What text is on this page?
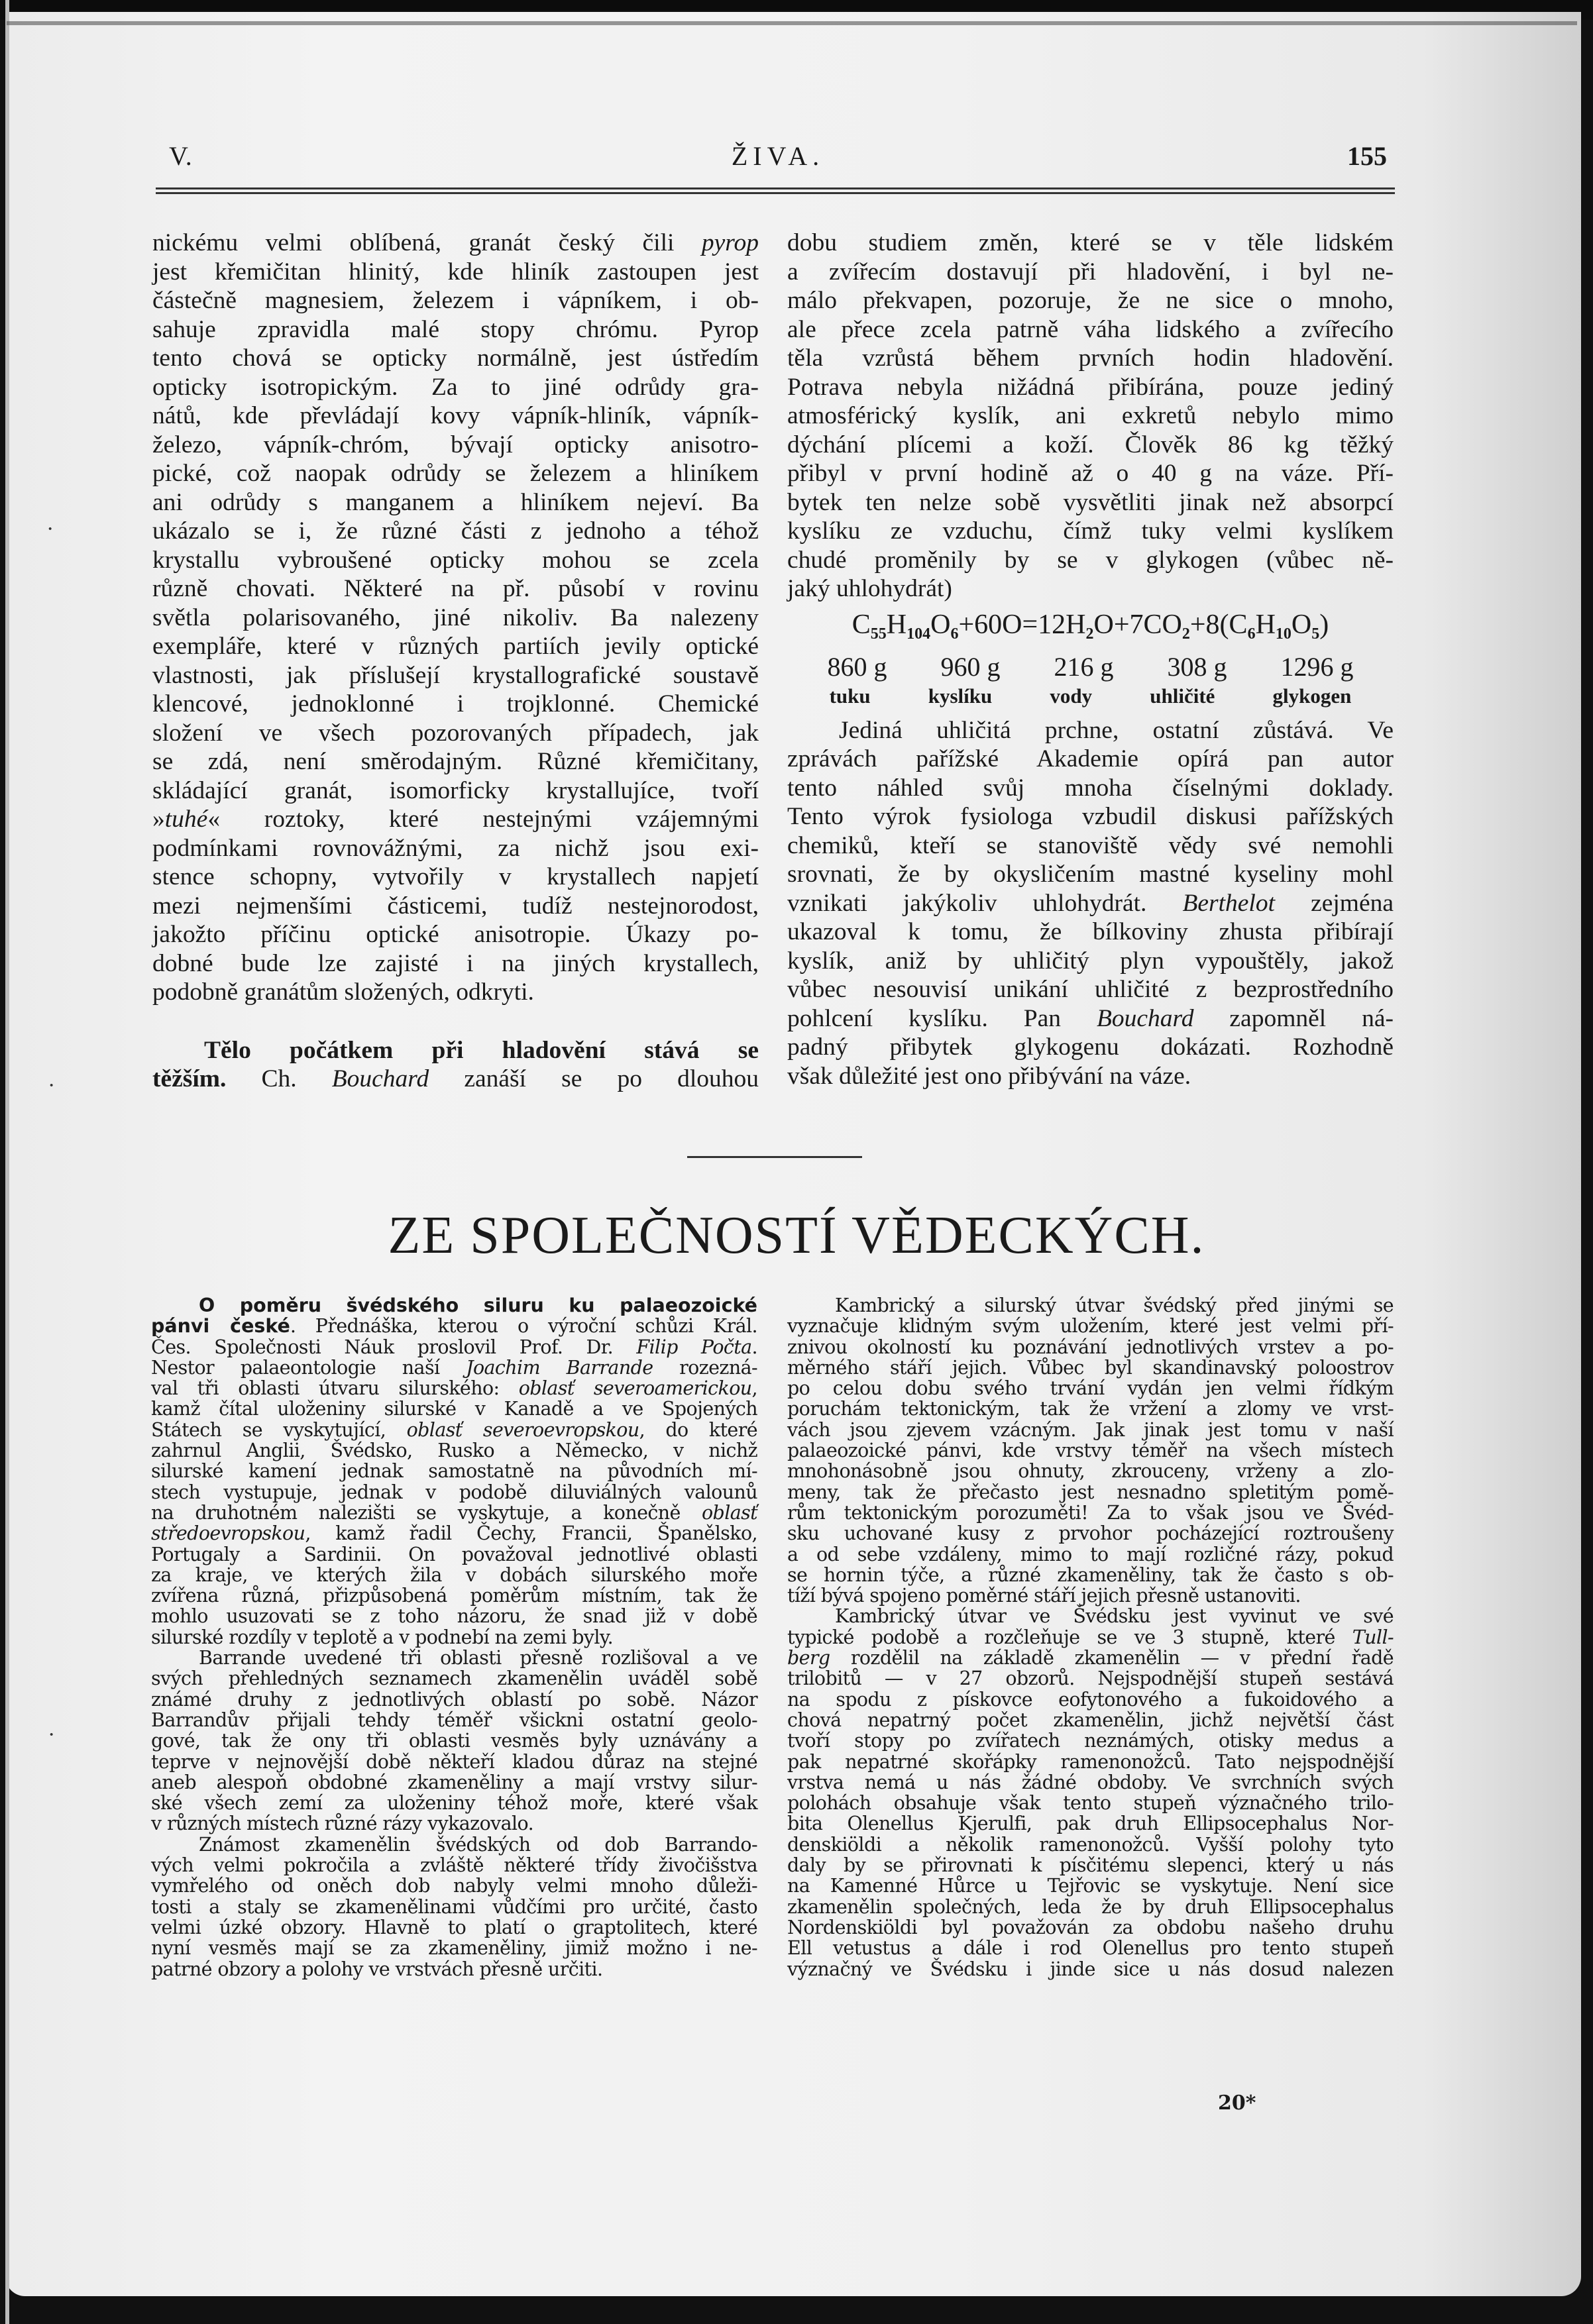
V.	ŽIVA.	155
nickému velmi oblíbená, granát český čili pyrop
jest křemičitan hlinitý, kde hliník zastoupen jest
částečně magnesiem, železem i vápníkem, i ob-
sahuje zpravidla malé stopy chrómu. Pyrop
tento chová se opticky normálně, jest ústředím
opticky isotropickým. Za to jiné odrůdy gra-
nátů, kde převládají kovy vápník-hliník, vápník-
železo, vápník-chróm, bývají opticky anisotro-
pické, což naopak odrůdy se železem a hliníkem
ani odrůdy s manganem a hliníkem nejeví. Ba
ukázalo se i, že různé části z jednoho a téhož
krystallu vybroušené opticky mohou se zcela
různě chovati. Některé na př. působí v rovinu
světla polarisovaného, jiné nikoliv. Ba nalezeny
exempláře, které v různých partiích jevily optické
vlastnosti, jak příslušejí krystallografické soustavě
klencové, jednoklonné i trojklonné. Chemické
složení ve všech pozorovaných případech, jak
se zdá, není směrodajným. Různé křemičitany,
skládající granát, isomorficky krystallujíce, tvoří
»tuhé« roztoky, které nestejnými vzájemnými
podmínkami rovnovážnými, za nichž jsou exi-
stence schopny, vytvořily v krystallech napjetí
mezi nejmenšími částicemi, tudíž nestejnorodost,
jakožto příčinu optické anisotropie. Úkazy po-
dobné bude lze zajisté i na jiných krystallech,
podobně granátům složených, odkryti.
Tělo počátkem při hladovění stává se
těžším. Ch. Bouchard zanáší se po dlouhou
dobu studiem změn, které se v těle lidském
a zvířecím dostavují při hladovění, i byl ne-
málo překvapen, pozoruje, že ne sice o mnoho,
ale přece zcela patrně váha lidského a zvířecího
těla vzrůstá během prvních hodin hladovění.
Potrava nebyla nižádná přibírána, pouze jediný
atmosférický kyslík, ani exkretů nebylo mimo
dýchání plícemi a koží. Člověk 86 kg těžký
přibyl v první hodině až o 40 g na váze. Pří-
bytek ten nelze sobě vysvětliti jinak než absorpcí
kyslíku ze vzduchu, čímž tuky velmi kyslíkem
chudé proměnily by se v glykogen (vůbec ně-
jaký uhlohydrát)
$C_{55}H_{104}O_6+60O=12H_2O+7CO_2+8(C_6H_{10}O_5)$
860 g 960 g 216 g 308 g 1296 g
tuku	kyslíku	vody	uhličité	glykogen
Jediná uhličitá prchne, ostatní zůstává. Ve
zprávách pařížské Akademie opírá pan autor
tento náhled svůj mnoha číselnými doklady.
Tento výrok fysiologa vzbudil diskusi pařížských
chemiků, kteří se stanoviště vědy své nemohli
srovnati, že by okysličením mastné kyseliny mohl
vznikati jakýkoliv uhlohydrát. Berthelot zejména
ukazoval k tomu, že bílkoviny zhusta přibírají
kyslík, aniž by uhličitý plyn vypouštěly, jakož
vůbec nesouvisí unikání uhličité z bezprostředního
pohlcení kyslíku. Pan Bouchard zapomněl ná-
padný přibytek glykogenu dokázati. Rozhodně
však důležité jest ono přibývání na váze.
ZE SPOLEČNOSTÍ VĚDECKÝCH.
O poměru švédského siluru ku palaeozoické
pánvi české. Přednáška, kterou o výroční schůzi Král.
Čes. Společnosti Náuk proslovil Prof. Dr. Filip Počta.
Nestor palaeontologie naší Joachim Barrande rozezná-
val tři oblasti útvaru silurského: oblasť severoamerickou,
kamž čítal uloženiny silurské v Kanadě a ve Spojených
Státech se vyskytující, oblasť severoevropskou, do které
zahrnul Anglii, Švédsko, Rusko a Německo, v nichž
silurské kamení jednak samostatně na původních mí-
stech vystupuje, jednak v podobě diluviálných valounů
na druhotném nalezišti se vyskytuje, a konečně oblasť
středoevropskou, kamž řadil Čechy, Francii, Španělsko,
Portugaly a Sardinii. On považoval jednotlivé oblasti
za kraje, ve kterých žila v dobách silurského moře
zvířena různá, přizpůsobená poměrům místním, tak že
mohlo usuzovati se z toho názoru, že snad již v době
silurské rozdíly v teplotě a v podnebí na zemi byly.
Barrande uvedené tři oblasti přesně rozlišoval a ve
svých přehledných seznamech zkamenělin uváděl sobě
známé druhy z jednotlivých oblastí po sobě. Názor
Barrandův přijali tehdy téměř všickni ostatní geolo-
gové, tak že ony tři oblasti vesměs byly uznávány a
teprve v nejnovější době někteří kladou důraz na stejné
aneb alespoň obdobné zkameněliny a mají vrstvy silur-
ské všech zemí za uloženiny téhož moře, které však
v různých místech různé rázy vykazovalo.
Známost zkamenělin švédských od dob Barrando-
vých velmi pokročila a zvláště některé třídy živočišstva
vymřelého od oněch dob nabyly velmi mnoho důleži-
tosti a staly se zkamenělinami vůdčími pro určité, často
velmi úzké obzory. Hlavně to platí o graptolitech, které
nyní vesměs mají se za zkameněliny, jimiž možno i ne-
patrné obzory a polohy ve vrstvách přesně určiti.
Kambrický a silurský útvar švédský před jinými se
vyznačuje klidným svým uložením, které jest velmi pří-
znivou okolností ku poznávání jednotlivých vrstev a po-
měrného stáří jejich. Vůbec byl skandinavský poloostrov
po celou dobu svého trvání vydán jen velmi řídkým
poruchám tektonickým, tak že vržení a zlomy ve vrst-
vách jsou zjevem vzácným. Jak jinak jest tomu v naší
palaeozoické pánvi, kde vrstvy téměř na všech místech
mnohonásobně jsou ohnuty, zkrouceny, vrženy a zlo-
meny, tak že přečasto jest nesnadno spletitým pomě-
rům tektonickým porozuměti! Za to však jsou ve Švéd-
sku uchované kusy z prvohor pocházející roztroušeny
a od sebe vzdáleny, mimo to mají rozličné rázy, pokud
se hornin týče, a různé zkameněliny, tak že často s ob-
tíží bývá spojeno poměrné stáří jejich přesně ustanoviti.
Kambrický útvar ve Švédsku jest vyvinut ve své
typické podobě a rozčleňuje se ve 3 stupně, které Tull-
berg rozdělil na základě zkamenělin — v přední řadě
trilobitů — v 27 obzorů. Nejspodnější stupeň sestává
na spodu z pískovce eofytonového a fukoidového a
chová nepatrný počet zkamenělin, jichž největší část
tvoří stopy po zvířatech neznámých, otisky medus a
pak nepatrné skořápky ramenonožců. Tato nejspodnější
vrstva nemá u nás žádné obdoby. Ve svrchních svých
polohách obsahuje však tento stupeň význačného trilo-
bita Olenellus Kjerulfi, pak druh Ellipsocephalus Nor-
denskiöldi a několik ramenonožců. Vyšší polohy tyto
daly by se přirovnati k písčitému slepenci, který u nás
na Kamenné Hůrce u Tejřovic se vyskytuje. Není sice
zkamenělin společných, leda že by druh Ellipsocephalus
Nordenskiöldi byl považován za obdobu našeho druhu
Ell vetustus a dále i rod Olenellus pro tento stupeň
význačný ve Švédsku i jinde sice u nás dosud nalezen
20*
·
·
·
